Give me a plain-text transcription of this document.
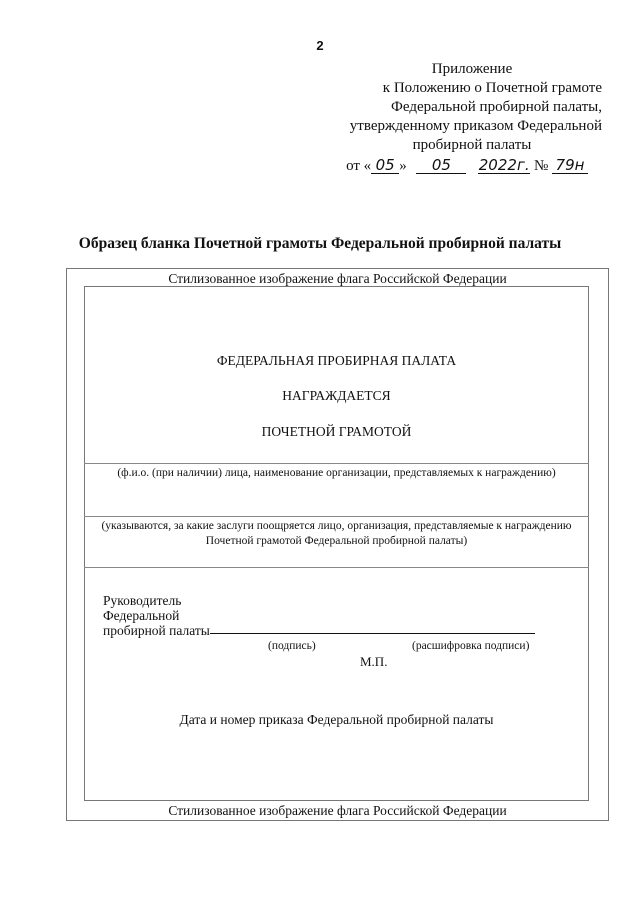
2
Приложение
к Положению о Почетной грамоте
Федеральной пробирной палаты,
утвержденному приказом Федеральной
пробирной палаты
от « 05 » 05 2022г. № 79н
Образец бланка Почетной грамоты Федеральной пробирной палаты
Стилизованное изображение флага Российской Федерации
ФЕДЕРАЛЬНАЯ ПРОБИРНАЯ ПАЛАТА
НАГРАЖДАЕТСЯ
ПОЧЕТНОЙ ГРАМОТОЙ
(ф.и.о. (при наличии) лица, наименование организации, представляемых к награждению)
(указываются, за какие заслуги поощряется лицо, организация, представляемые к награждению
Почетной грамотой Федеральной пробирной палаты)
Руководитель
Федеральной
пробирной палаты
(подпись)	(расшифровка подписи)
М.П.
Дата и номер приказа Федеральной пробирной палаты
Стилизованное изображение флага Российской Федерации
